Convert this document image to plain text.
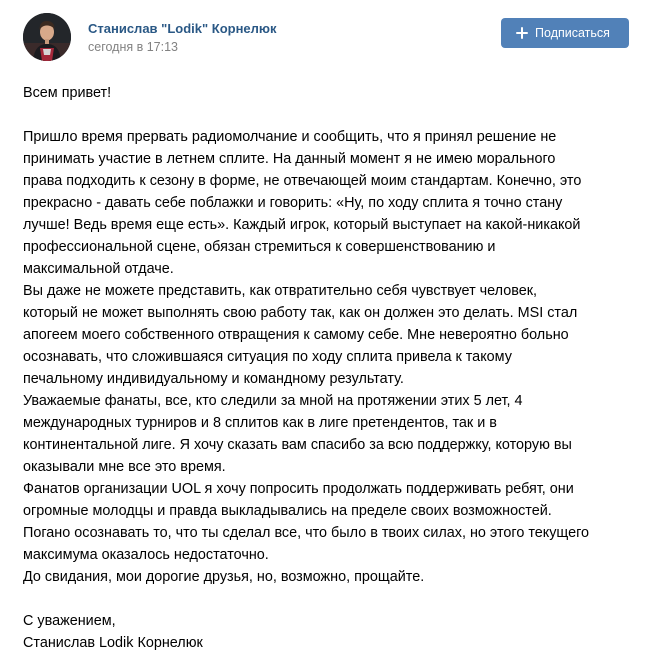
Станислав "Lodik" Корнелюк
сегодня в 17:13
Подписаться
Всем привет!
Пришло время прервать радиомолчание и сообщить, что я принял решение не
принимать участие в летнем сплите. На данный момент я не имею морального
права подходить к сезону в форме, не отвечающей моим стандартам. Конечно, это
прекрасно - давать себе поблажки и говорить: «Ну, по ходу сплита я точно стану
лучше! Ведь время еще есть». Каждый игрок, который выступает на какой-никакой
профессиональной сцене, обязан стремиться к совершенствованию и
максимальной отдаче.
Вы даже не можете представить, как отвратительно себя чувствует человек,
который не может выполнять свою работу так, как он должен это делать. MSI стал
апогеем моего собственного отвращения к самому себе. Мне невероятно больно
осознавать, что сложившаяся ситуация по ходу сплита привела к такому
печальному индивидуальному и командному результату.
Уважаемые фанаты, все, кто следили за мной на протяжении этих 5 лет, 4
международных турниров и 8 сплитов как в лиге претендентов, так и в
континентальной лиге. Я хочу сказать вам спасибо за всю поддержку, которую вы
оказывали мне все это время.
Фанатов организации UOL я хочу попросить продолжать поддерживать ребят, они
огромные молодцы и правда выкладывались на пределе своих возможностей.
Погано осознавать то, что ты сделал все, что было в твоих силах, но этого текущего
максимума оказалось недостаточно.
До свидания, мои дорогие друзья, но, возможно, прощайте.
С уважением,
Станислав Lodik Корнелюк
